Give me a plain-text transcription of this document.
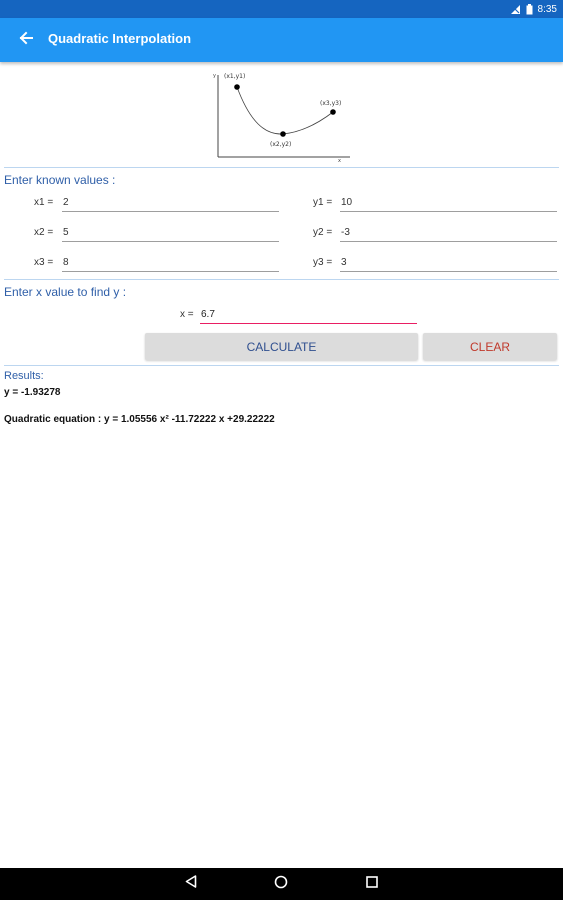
8:35
Quadratic Interpolation
y
x
(x1,y1)
(x2,y2)
(x3,y3)
Enter known values :
x1 = 2	y1 = 10
x2 = 5	y2 = -3
x3 = 8	y3 = 3
Enter x value to find y :
x = 6.7
CALCULATE	CLEAR
Results:
y = -1.93278
Quadratic equation : y = 1.05556 x² -11.72222 x +29.22222
